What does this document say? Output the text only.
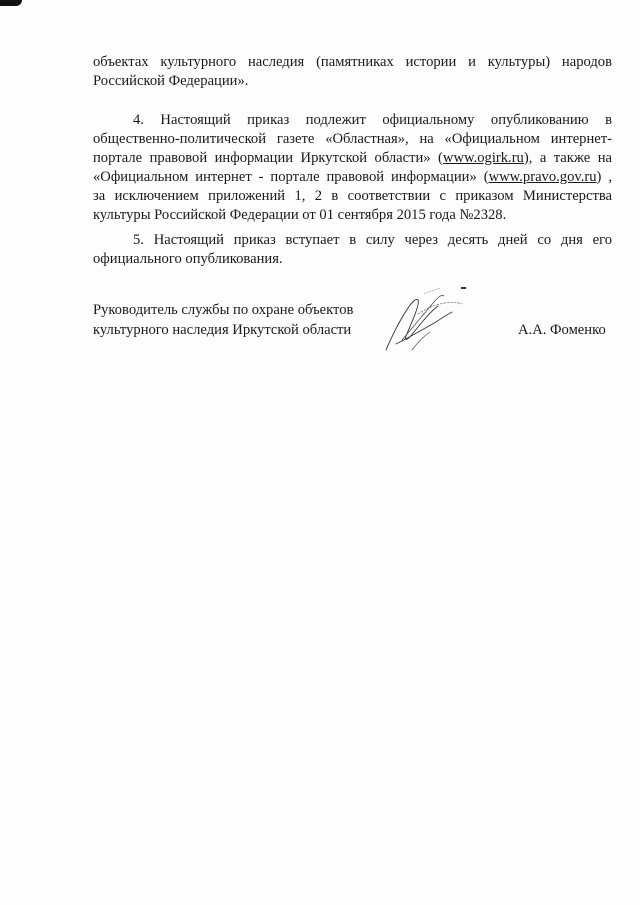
объектах культурного наследия (памятниках истории и культуры) народов
Российской Федерации».
4. Настоящий приказ подлежит официальному опубликованию в
общественно-политической газете «Областная», на «Официальном интернет-
портале правовой информации Иркутской области» (www.ogirk.ru), а также на
«Официальном интернет - портале правовой информации» (www.pravo.gov.ru) ,
за исключением приложений 1, 2 в соответствии с приказом Министерства
культуры Российской Федерации от 01 сентября 2015 года №2328.
5. Настоящий приказ вступает в силу через десять дней со дня его
официального опубликования.
Руководитель службы по охране объектов
культурного наследия Иркутской области	А.А. Фоменко
